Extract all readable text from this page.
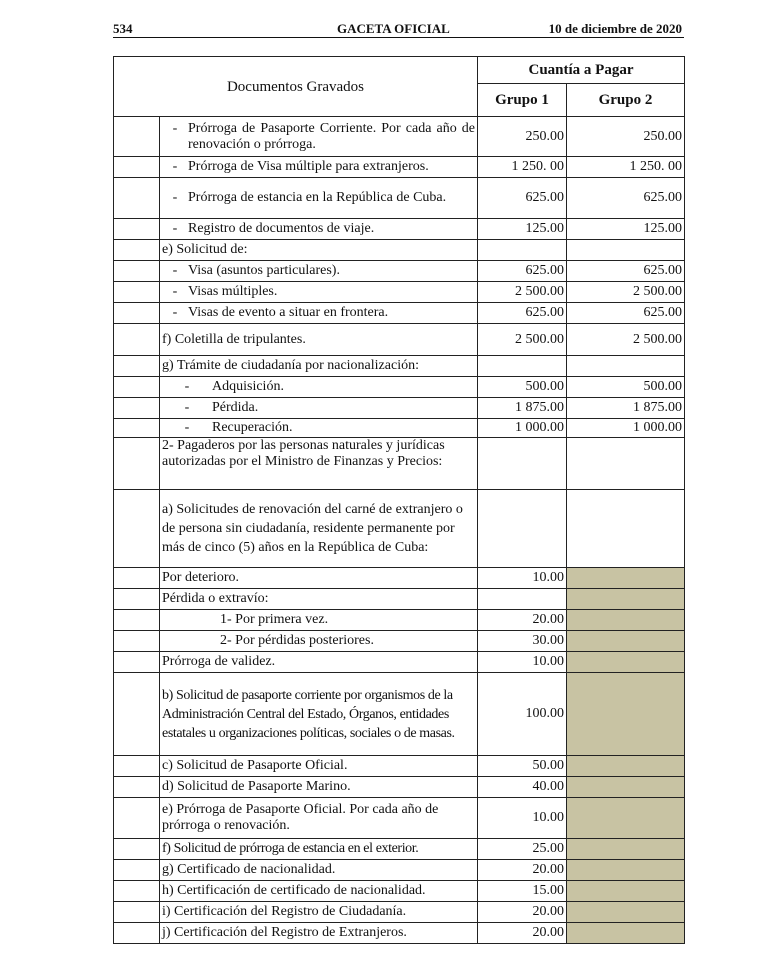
534	GACETA OFICIAL	10 de diciembre de 2020
Documentos Gravados		Cuantía a Pagar	
		Grupo 1	Grupo 2

	- Prórroga de Pasaporte Corriente. Por cada año de renovación o prórroga.	250.00	250.00

	- Prórroga de Visa múltiple para extranjeros.	1 250. 00	1 250. 00

	- Prórroga de estancia en la República de Cuba.	625.00	625.00

	- Registro de documentos de viaje.	125.00	125.00
	e) Solicitud de:		

	- Visa (asuntos particulares).	625.00	625.00

	- Visas múltiples.	2 500.00	2 500.00

	- Visas de evento a situar en frontera.	625.00	625.00
	f) Coletilla de tripulantes.	2 500.00	2 500.00
	g) Trámite de ciudadanía por nacionalización:		

	- Adquisición.	500.00	500.00

	- Pérdida.	1 875.00	1 875.00

	- Recuperación.	1 000.00	1 000.00
	2- Pagaderos por las personas naturales y jurídicas autorizadas por el Ministro de Finanzas y Precios:		
	a) Solicitudes de renovación del carné de extranjero o de persona sin ciudadanía, residente permanente por más de cinco (5) años en la República de Cuba:		
	Por deterioro.	10.00	
	Pérdida o extravío:		
	1- Por primera vez.	20.00	
	2- Por pérdidas posteriores.	30.00	
	Prórroga de validez.	10.00	
	b) Solicitud de pasaporte corriente por organismos de la Administración Central del Estado, Órganos, entidades estatales u organizaciones políticas, sociales o de masas.	100.00	
	c) Solicitud de Pasaporte Oficial.	50.00	
	d) Solicitud de Pasaporte Marino.	40.00	
	e) Prórroga de Pasaporte Oficial. Por cada año de prórroga o renovación.	10.00	
	f) Solicitud de prórroga de estancia en el exterior.	25.00	
	g) Certificado de nacionalidad.	20.00	
	h) Certificación de certificado de nacionalidad.	15.00	
	i) Certificación del Registro de Ciudadanía.	20.00	
	j) Certificación del Registro de Extranjeros.	20.00	
